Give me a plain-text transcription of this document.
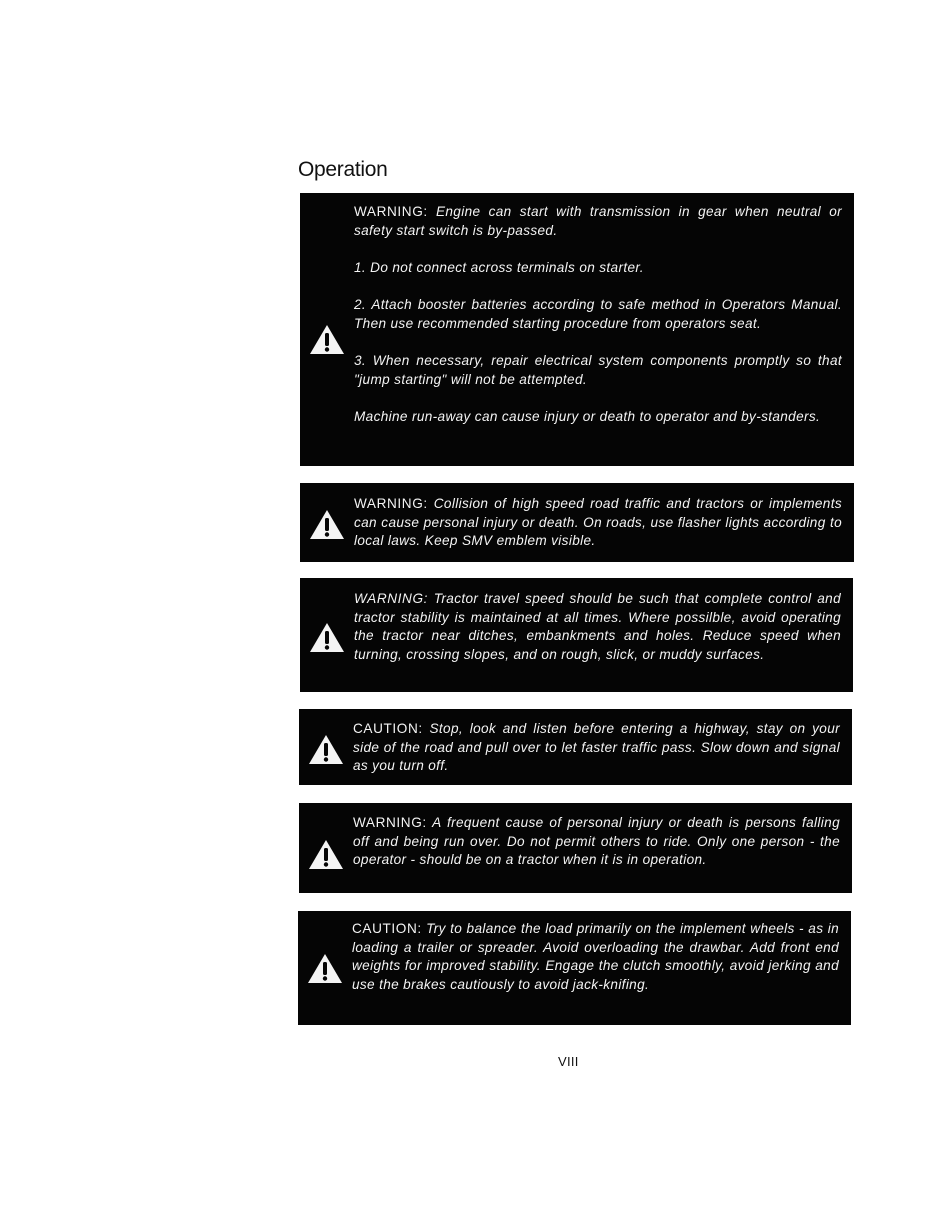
Operation

WARNING: Engine can start with transmission in gear when neutral or safety start switch is by-passed.

1. Do not connect across terminals on starter.

2. Attach booster batteries according to safe method in Operators Manual. Then use recommended starting procedure from operators seat.

3. When necessary, repair electrical system components promptly so that "jump starting" will not be attempted.

Machine run-away can cause injury or death to operator and by-standers.

WARNING: Collision of high speed road traffic and tractors or implements can cause personal injury or death. On roads, use flasher lights according to local laws. Keep SMV emblem visible.

WARNING: Tractor travel speed should be such that complete control and tractor stability is maintained at all times. Where possilble, avoid operating the tractor near ditches, embankments and holes. Reduce speed when turning, crossing slopes, and on rough, slick, or muddy surfaces.

CAUTION: Stop, look and listen before entering a highway, stay on your side of the road and pull over to let faster traffic pass. Slow down and signal as you turn off.

WARNING: A frequent cause of personal injury or death is persons falling off and being run over. Do not permit others to ride. Only one person - the operator - should be on a tractor when it is in operation.

CAUTION: Try to balance the load primarily on the implement wheels - as in loading a trailer or spreader. Avoid overloading the drawbar. Add front end weights for improved stability. Engage the clutch smoothly, avoid jerking and use the brakes cautiously to avoid jack-knifing.

VIII
